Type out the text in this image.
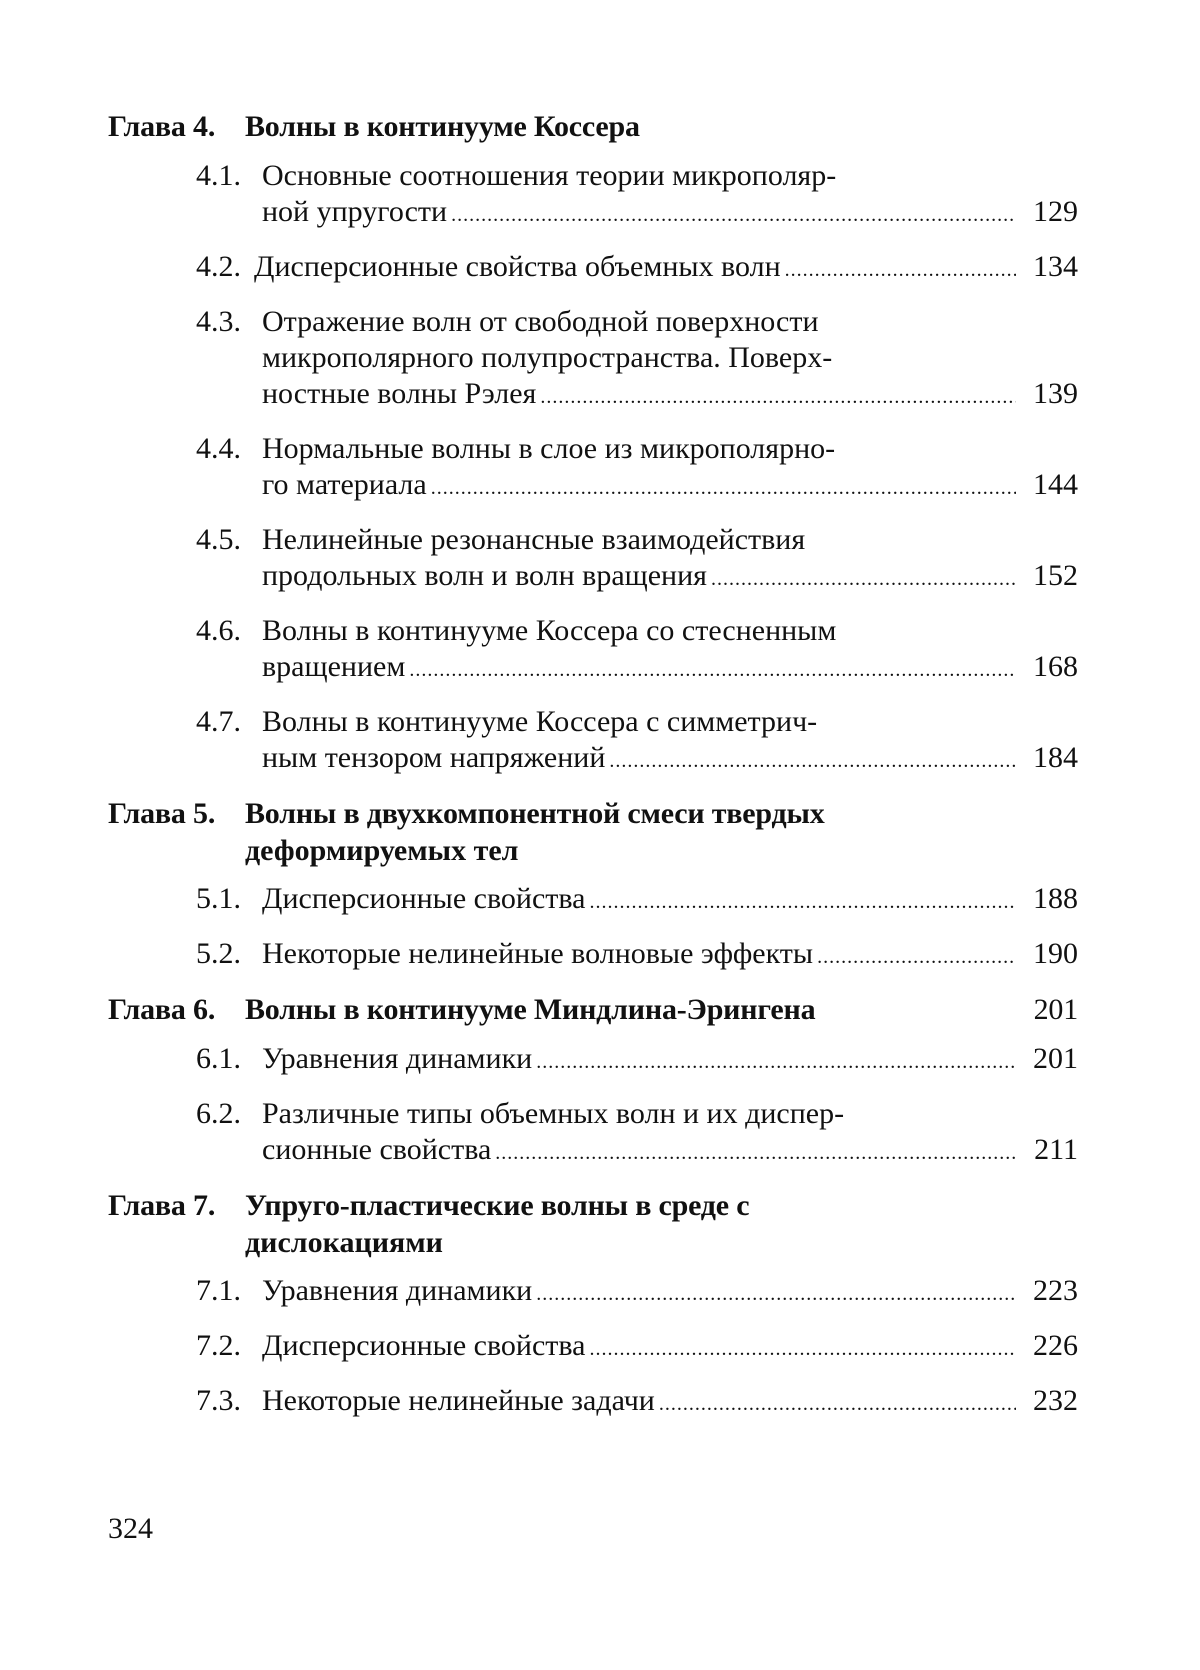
Глава 4. Волны в континууме Коссера
4.1. Основные соотношения теории микрополяр-
ной упругости .....	129
4.2. Дисперсионные свойства объемных волн .....	134
4.3. Отражение волн от свободной поверхности
микрополярного полупространства. Поверх-
ностные волны Рэлея .....	139
4.4. Нормальные волны в слое из микрополярно-
го материала .....	144
4.5. Нелинейные резонансные взаимодействия
продольных волн и волн вращения .....	152
4.6. Волны в континууме Коссера со стесненным
вращением .....	168
4.7. Волны в континууме Коссера с симметрич-
ным тензором напряжений .....	184
Глава 5. Волны в двухкомпонентной смеси твердых
деформируемых тел
5.1. Дисперсионные свойства .....	188
5.2. Некоторые нелинейные волновые эффекты .....	190
Глава 6. Волны в континууме Миндлина-Эрингена	201
6.1. Уравнения динамики .....	201
6.2. Различные типы объемных волн и их диспер-
сионные свойства .....	211
Глава 7. Упруго-пластические волны в среде с
дислокациями
7.1. Уравнения динамики .....	223
7.2. Дисперсионные свойства .....	226
7.3. Некоторые нелинейные задачи .....	232
324
